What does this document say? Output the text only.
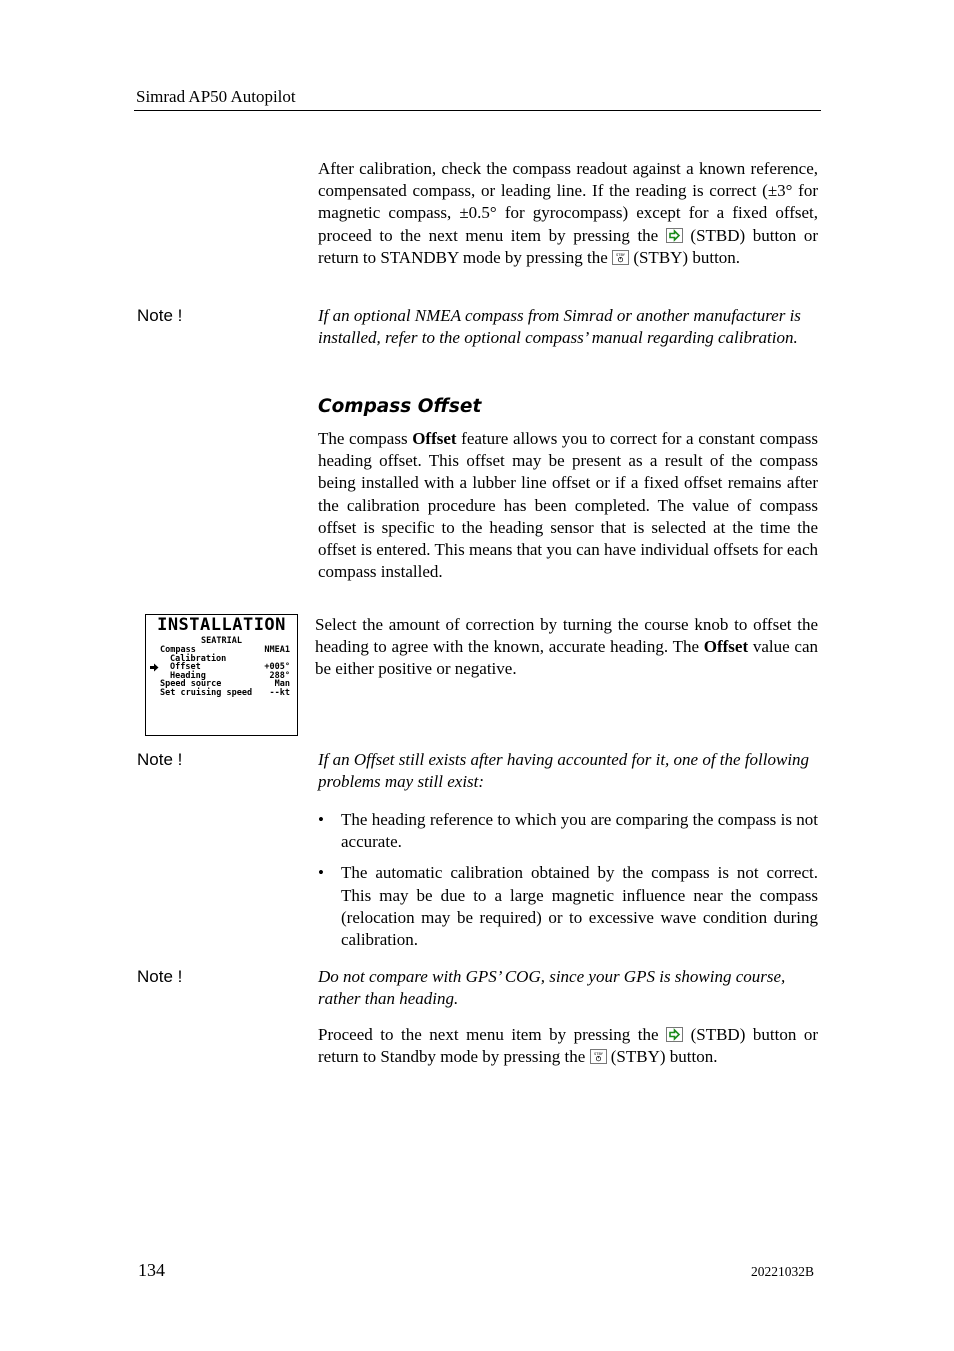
Simrad AP50 Autopilot
After calibration, check the compass readout against a known reference, compensated compass, or leading line. If the reading is correct (±3° for magnetic compass, ±0.5° for gyrocompass) except for a fixed offset, proceed to the next menu item by pressing the
(STBD) button or return to STANDBY mode by pressing the STBY (STBY) button.
Note !	If an optional NMEA compass from Simrad or another manufacturer is installed, refer to the optional compass’ manual regarding calibration.
Compass Offset
The compass Offset feature allows you to correct for a constant compass heading offset. This offset may be present as a result of the compass being installed with a lubber line offset or if a fixed offset remains after the calibration procedure has been completed. The value of compass offset is specific to the heading sensor that is selected at the time the offset is entered. This means that you can have individual offsets for each compass installed.
INSTALLATION
SEATRIAL
Compass	NMEA1
Calibration
Offset	+005°
Heading	288°
Speed source	Man
Set cruising speed --kt
Select the amount of correction by turning the course knob to offset the heading to agree with the known, accurate heading. The Offset value can be either positive or negative.
Note !	If an Offset still exists after having accounted for it, one of the following problems may still exist:
• The heading reference to which you are comparing the compass is not accurate.
• The automatic calibration obtained by the compass is not correct. This may be due to a large magnetic influence near the compass (relocation may be required) or to excessive wave condition during calibration.
Note !	Do not compare with GPS’ COG, since your GPS is showing course, rather than heading.
Proceed to the next menu item by pressing the
(STBD) button or return to Standby mode by pressing the STBY (STBY) button.
134	20221032B
